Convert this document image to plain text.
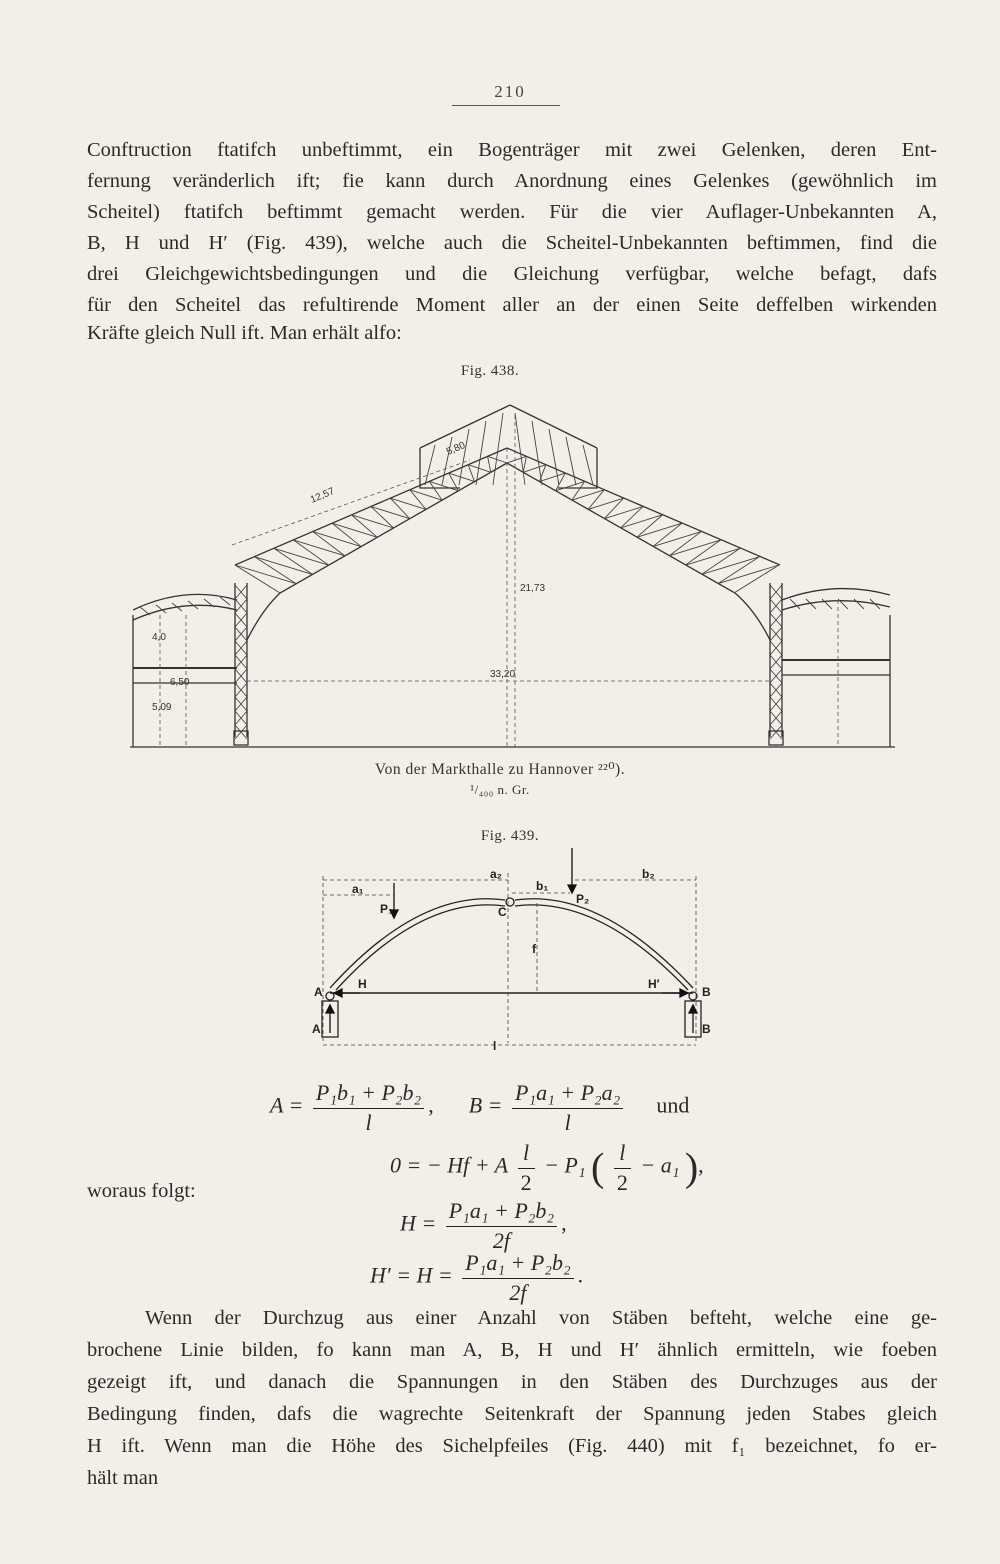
210
Conftruction ftatifch unbeftimmt, ein Bogenträger mit zwei Gelenken, deren Ent-
fernung veränderlich ift; fie kann durch Anordnung eines Gelenkes (gewöhnlich im
Scheitel) ftatifch beftimmt gemacht werden. Für die vier Auflager-Unbekannten A,
B, H und H′ (Fig. 439), welche auch die Scheitel-Unbekannten beftimmen, find die
drei Gleichgewichtsbedingungen und die Gleichung verfügbar, welche befagt, dafs
für den Scheitel das refultirende Moment aller an der einen Seite deffelben wirkenden
Kräfte gleich Null ift. Man erhält alfo:
Fig. 438.
4,0
6,50
5,09
12,57
5,80
21,73
33,20
Von der Markthalle zu Hannover ²²⁰).
¹/₄₀₀ n. Gr.
Fig. 439.
a₁
a₂
b₁
b₂
P₁
P₂
C
f
A
A
B
B
H	H′
l
$A = \frac{\text{P₁b₁ + P₂b₂}}{l}$ ,  $B = \frac{\text{P₁a₁ + P₂a₂}}{l}$ und
0 = − Hf + A $\frac{l}{2} - P_1$ ( $\frac{l}{2} - a_1$ ),
woraus folgt:
$H = \frac{\text{P₁a₁ + P₂b₂}}{2f}$ ,
$H' = H = \frac{\text{P₁a₁ + P₂b₂}}{2f}$ .
Wenn der Durchzug aus einer Anzahl von Stäben befteht, welche eine ge-
brochene Linie bilden, fo kann man A, B, H und H′ ähnlich ermitteln, wie foeben
gezeigt ift, und danach die Spannungen in den Stäben des Durchzuges aus der
Bedingung finden, dafs die wagrechte Seitenkraft der Spannung jeden Stabes gleich
H ift. Wenn man die Höhe des Sichelpfeiles (Fig. 440) mit f₁ bezeichnet, fo er-
hält man
